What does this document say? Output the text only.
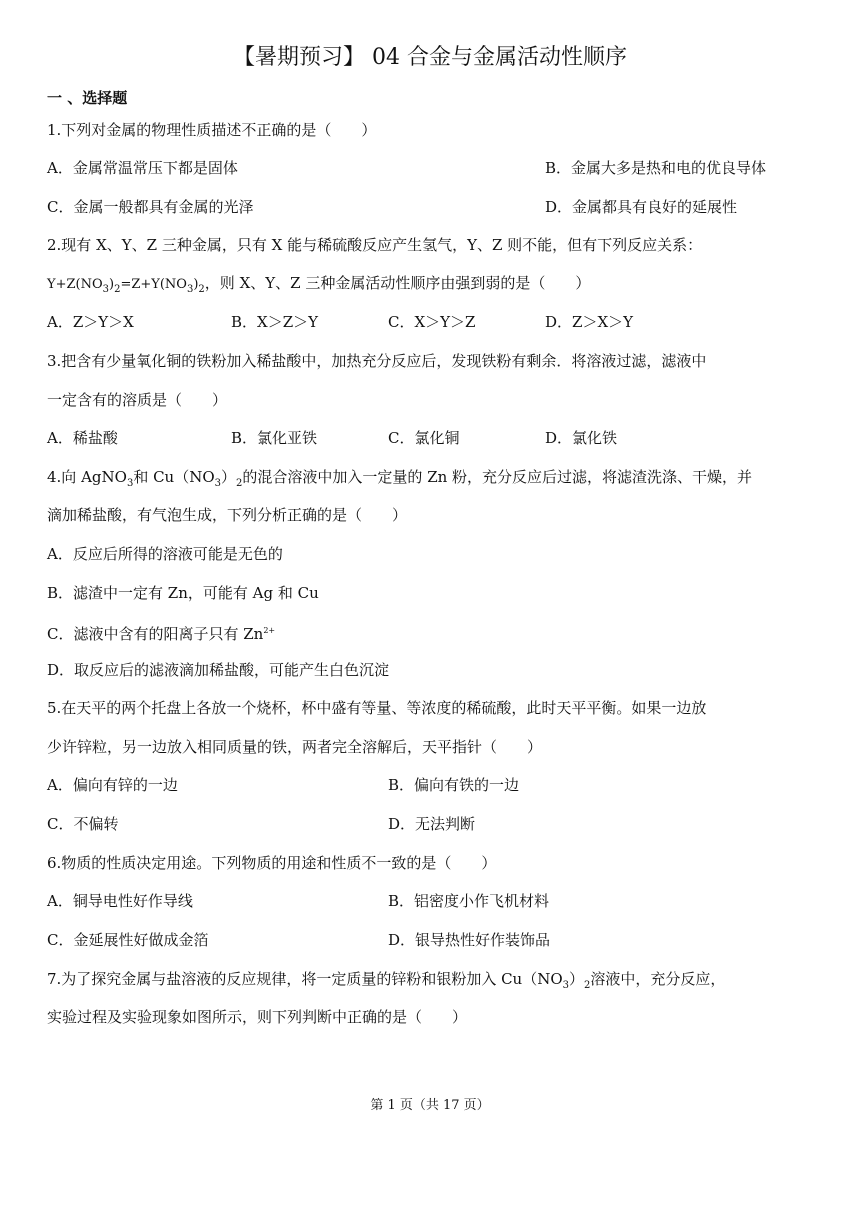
【暑期预习】 04 合金与金属活动性顺序
一 、选择题
1.下列对金属的物理性质描述不正确的是（　　）
A．金属常温常压下都是固体	B．金属大多是热和电的优良导体
C．金属一般都具有金属的光泽	D．金属都具有良好的延展性
2.现有 X、Y、Z 三种金属，只有 X 能与稀硫酸反应产生氢气，Y、Z 则不能，但有下列反应关系：
$Y+Z(NO_3)_2=Z+Y(NO_3)_2$，则 X、Y、Z 三种金属活动性顺序由强到弱的是（　　）
A．Z＞Y＞X	B．X＞Z＞Y	C．X＞Y＞Z	D．Z＞X＞Y
3.把含有少量氧化铜的铁粉加入稀盐酸中，加热充分反应后，发现铁粉有剩余．将溶液过滤，滤液中
一定含有的溶质是（　　）
A．稀盐酸	B．氯化亚铁	C．氯化铜	D．氯化铁
4.向 AgNO$_3$和 $Cu(NO_3)_2$的混合溶液中加入一定量的 Zn 粉，充分反应后过滤，将滤渣洗涤、干燥，并
滴加稀盐酸，有气泡生成，下列分析正确的是（　　）
A．反应后所得的溶液可能是无色的
B．滤渣中一定有 Zn，可能有 Ag 和 Cu
C．滤液中含有的阳离子只有 $Zn^{2+}$
D．取反应后的滤液滴加稀盐酸，可能产生白色沉淀
5.在天平的两个托盘上各放一个烧杯，杯中盛有等量、等浓度的稀硫酸，此时天平平衡。如果一边放
少许锌粒，另一边放入相同质量的铁，两者完全溶解后，天平指针（　　）
A．偏向有锌的一边	B．偏向有铁的一边
C．不偏转	D．无法判断
6.物质的性质决定用途。下列物质的用途和性质不一致的是（　　）
A．铜导电性好作导线	B．铝密度小作飞机材料
C．金延展性好做成金箔	D．银导热性好作装饰品
7.为了探究金属与盐溶液的反应规律，将一定质量的锌粉和银粉加入 $Cu(NO_3)_2$溶液中，充分反应，
实验过程及实验现象如图所示，则下列判断中正确的是（　　）
第 1 页（共 17 页）
